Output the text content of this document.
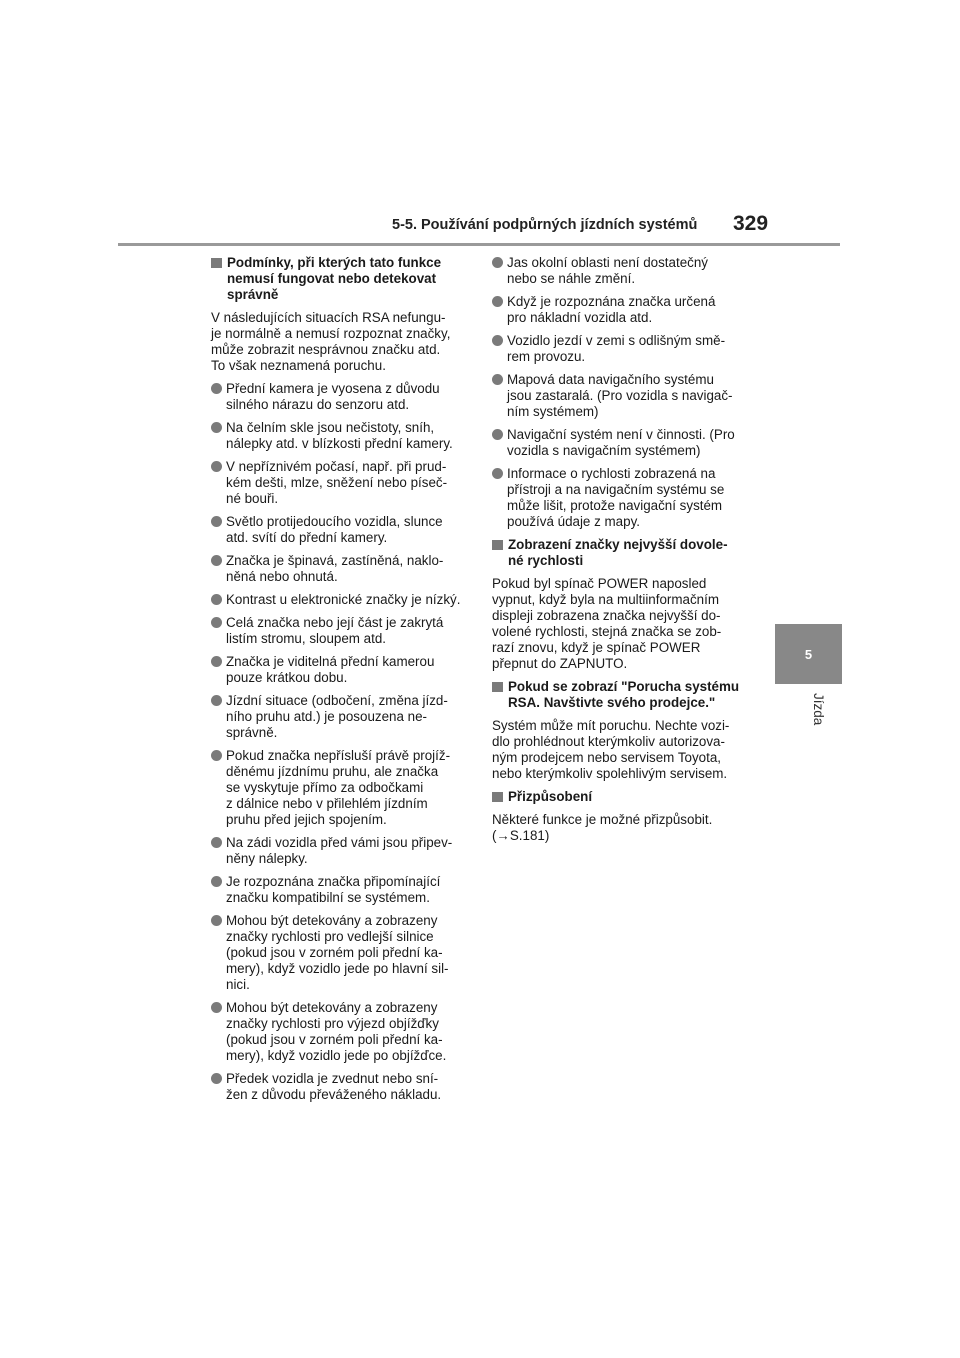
5-5. Používání podpůrných jízdních systémů 329
5
Jízda
Podmínky, při kterých tato funkce
nemusí fungovat nebo detekovat
správně
V následujících situacích RSA nefungu-
je normálně a nemusí rozpoznat značky,
může zobrazit nesprávnou značku atd.
To však neznamená poruchu.
Přední kamera je vyosena z důvodu
silného nárazu do senzoru atd.
Na čelním skle jsou nečistoty, sníh,
nálepky atd. v blízkosti přední kamery.
V nepříznivém počasí, např. při prud-
kém dešti, mlze, sněžení nebo píseč-
né bouři.
Světlo protijedoucího vozidla, slunce
atd. svítí do přední kamery.
Značka je špinavá, zastíněná, naklo-
něná nebo ohnutá.
Kontrast u elektronické značky je nízký.
Celá značka nebo její část je zakrytá
listím stromu, sloupem atd.
Značka je viditelná přední kamerou
pouze krátkou dobu.
Jízdní situace (odbočení, změna jízd-
ního pruhu atd.) je posouzena ne-
správně.
Pokud značka nepřísluší právě projíž-
děnému jízdnímu pruhu, ale značka
se vyskytuje přímo za odbočkami
z dálnice nebo v přilehlém jízdním
pruhu před jejich spojením.
Na zádi vozidla před vámi jsou připev-
něny nálepky.
Je rozpoznána značka připomínající
značku kompatibilní se systémem.
Mohou být detekovány a zobrazeny
značky rychlosti pro vedlejší silnice
(pokud jsou v zorném poli přední ka-
mery), když vozidlo jede po hlavní sil-
nici.
Mohou být detekovány a zobrazeny
značky rychlosti pro výjezd objížďky
(pokud jsou v zorném poli přední ka-
mery), když vozidlo jede po objížďce.
Předek vozidla je zvednut nebo sní-
žen z důvodu převáženého nákladu.
Jas okolní oblasti není dostatečný
nebo se náhle změní.
Když je rozpoznána značka určená
pro nákladní vozidla atd.
Vozidlo jezdí v zemi s odlišným smě-
rem provozu.
Mapová data navigačního systému
jsou zastaralá. (Pro vozidla s navigač-
ním systémem)
Navigační systém není v činnosti. (Pro
vozidla s navigačním systémem)
Informace o rychlosti zobrazená na
přístroji a na navigačním systému se
může lišit, protože navigační systém
používá údaje z mapy.
Zobrazení značky nejvyšší dovole-
né rychlosti
Pokud byl spínač POWER naposled
vypnut, když byla na multiinformačním
displeji zobrazena značka nejvyšší do-
volené rychlosti, stejná značka se zob-
razí znovu, když je spínač POWER
přepnut do ZAPNUTO.
Pokud se zobrazí "Porucha systému
RSA. Navštivte svého prodejce."
Systém může mít poruchu. Nechte vozi-
dlo prohlédnout kterýmkoliv autorizova-
ným prodejcem nebo servisem Toyota,
nebo kterýmkoliv spolehlivým servisem.
Přizpůsobení
Některé funkce je možné přizpůsobit.
(→S.181)
